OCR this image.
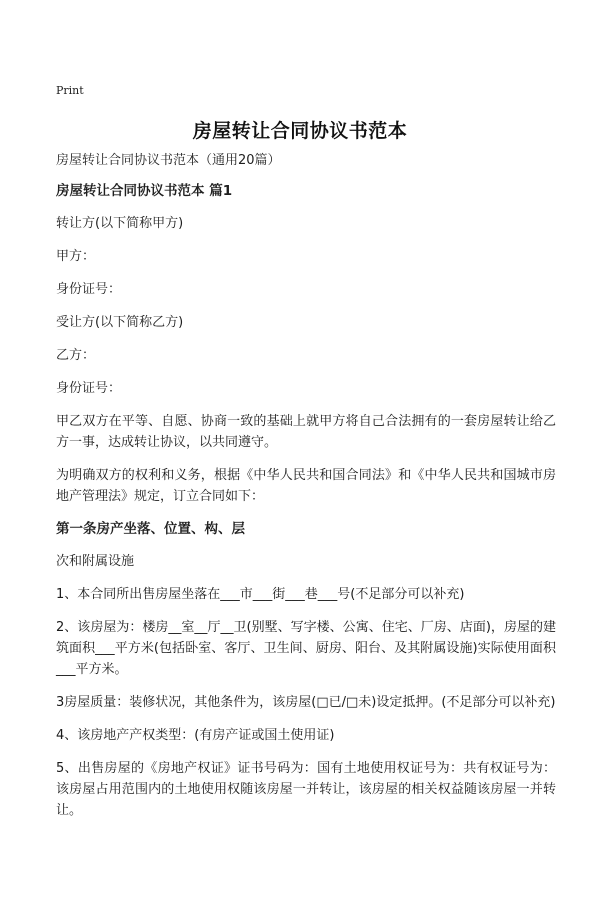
Print
房屋转让合同协议书范本

房屋转让合同协议书范本（通用20篇）

房屋转让合同协议书范本 篇1

转让方(以下简称甲方)

甲方：

身份证号：

受让方(以下简称乙方)

乙方：

身份证号：

甲乙双方在平等、自愿、协商一致的基础上就甲方将自己合法拥有的一套房屋转让给乙方一事，达成转让协议，以共同遵守。

为明确双方的权利和义务，根据《中华人民共和国合同法》和《中华人民共和国城市房地产管理法》规定，订立合同如下：

第一条房产坐落、位置、构、层

次和附属设施

1、本合同所出售房屋坐落在___市___街___巷___号(不足部分可以补充)

2、该房屋为：楼房__室__厅__卫(别墅、写字楼、公寓、住宅、厂房、店面)，房屋的建筑面积___平方米(包括卧室、客厅、卫生间、厨房、阳台、及其附属设施)实际使用面积___平方米。

3房屋质量：装修状况，其他条件为，该房屋(□已/□未)设定抵押。(不足部分可以补充)

4、该房地产产权类型：(有房产证或国土使用证)

5、出售房屋的《房地产权证》证书号码为：国有土地使用权证号为：共有权证号为：该房屋占用范围内的土地使用权随该房屋一并转让，该房屋的相关权益随该房屋一并转让。
